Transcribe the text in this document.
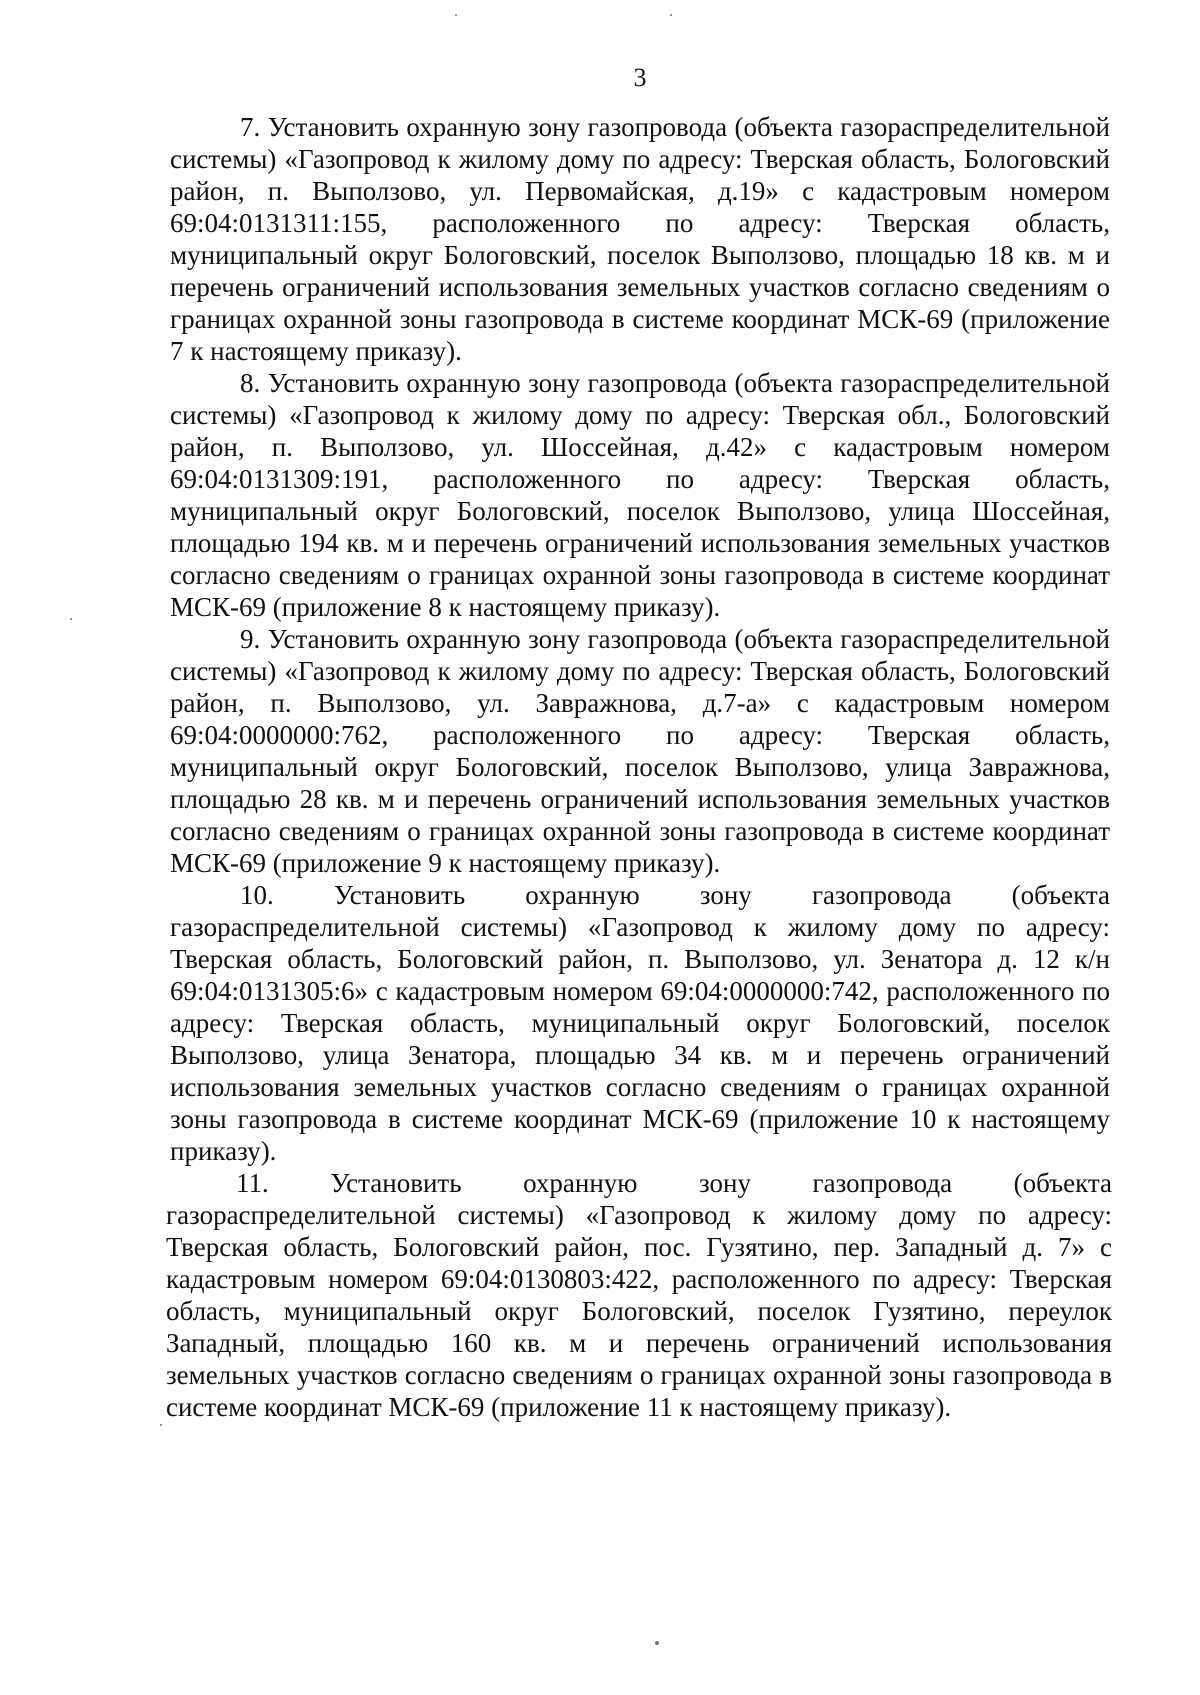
3

7. Установить охранную зону газопровода (объекта газораспределительной системы) «Газопровод к жилому дому по адресу: Тверская область, Бологовский район, п. Выползово, ул. Первомайская, д.19» с кадастровым номером 69:04:0131311:155, расположенного по адресу: Тверская область, муниципальный округ Бологовский, поселок Выползово, площадью 18 кв. м и перечень ограничений использования земельных участков согласно сведениям о границах охранной зоны газопровода в системе координат МСК-69 (приложение 7 к настоящему приказу).

8. Установить охранную зону газопровода (объекта газораспределительной системы) «Газопровод к жилому дому по адресу: Тверская обл., Бологовский район, п. Выползово, ул. Шоссейная, д.42» с кадастровым номером 69:04:0131309:191, расположенного по адресу: Тверская область, муниципальный округ Бологовский, поселок Выползово, улица Шоссейная, площадью 194 кв. м и перечень ограничений использования земельных участков согласно сведениям о границах охранной зоны газопровода в системе координат МСК-69 (приложение 8 к настоящему приказу).

9. Установить охранную зону газопровода (объекта газораспределительной системы) «Газопровод к жилому дому по адресу: Тверская область, Бологовский район, п. Выползово, ул. Завражнова, д.7-а» с кадастровым номером 69:04:0000000:762, расположенного по адресу: Тверская область, муниципальный округ Бологовский, поселок Выползово, улица Завражнова, площадью 28 кв. м и перечень ограничений использования земельных участков согласно сведениям о границах охранной зоны газопровода в системе координат МСК-69 (приложение 9 к настоящему приказу).

10. Установить охранную зону газопровода (объекта газораспределительной системы) «Газопровод к жилому дому по адресу: Тверская область, Бологовский район, п. Выползово, ул. Зенатора д. 12 к/н 69:04:0131305:6» с кадастровым номером 69:04:0000000:742, расположенного по адресу: Тверская область, муниципальный округ Бологовский, поселок Выползово, улица Зенатора, площадью 34 кв. м и перечень ограничений использования земельных участков согласно сведениям о границах охранной зоны газопровода в системе координат МСК-69 (приложение 10 к настоящему приказу).

11. Установить охранную зону газопровода (объекта газораспределительной системы) «Газопровод к жилому дому по адресу: Тверская область, Бологовский район, пос. Гузятино, пер. Западный д. 7» с кадастровым номером 69:04:0130803:422, расположенного по адресу: Тверская область, муниципальный округ Бологовский, поселок Гузятино, переулок Западный, площадью 160 кв. м и перечень ограничений использования земельных участков согласно сведениям о границах охранной зоны газопровода в системе координат МСК-69 (приложение 11 к настоящему приказу).
